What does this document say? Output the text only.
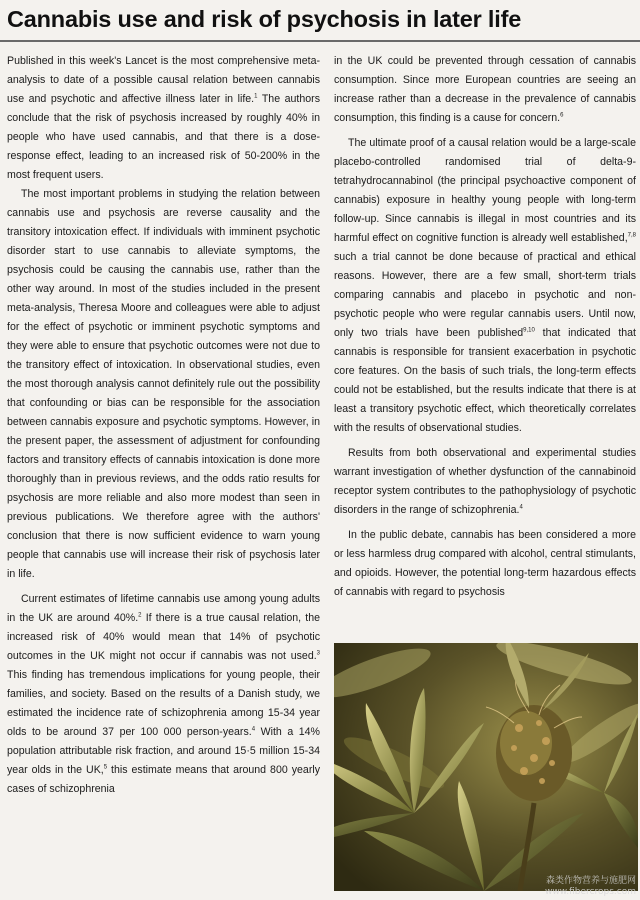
Cannabis use and risk of psychosis in later life

Published in this week's Lancet is the most comprehensive meta-analysis to date of a possible causal relation between cannabis use and psychotic and affective illness later in life.$^1$ The authors conclude that the risk of psychosis increased by roughly 40% in people who have used cannabis, and that there is a dose-response effect, leading to an increased risk of 50-200% in the most frequent users.

The most important problems in studying the relation between cannabis use and psychosis are reverse causality and the transitory intoxication effect. If individuals with imminent psychotic disorder start to use cannabis to alleviate symptoms, the psychosis could be causing the cannabis use, rather than the other way around. In most of the studies included in the present meta-analysis, Theresa Moore and colleagues were able to adjust for the effect of psychotic or imminent psychotic symptoms and they were able to ensure that psychotic outcomes were not due to the transitory effect of intoxication. In observational studies, even the most thorough analysis cannot definitely rule out the possibility that confounding or bias can be responsible for the association between cannabis exposure and psychotic symptoms. However, in the present paper, the assessment of adjustment for confounding factors and transitory effects of cannabis intoxication is done more thoroughly than in previous reviews, and the odds ratio results for psychosis are more reliable and also more modest than seen in previous publications. We therefore agree with the authors' conclusion that there is now sufficient evidence to warn young people that cannabis use will increase their risk of psychosis later in life.

Current estimates of lifetime cannabis use among young adults in the UK are around 40%.$^2$ If there is a true causal relation, the increased risk of 40% would mean that 14% of psychotic outcomes in the UK might not occur if cannabis was not used.$^3$ This finding has tremendous implications for young people, their families, and society. Based on the results of a Danish study, we estimated the incidence rate of schizophrenia among 15-34 year olds to be around 37 per 100 000 person-years.$^4$ With a 14% population attributable risk fraction, and around 15·5 million 15-34 year olds in the UK,$^5$ this estimate means that around 800 yearly cases of schizophrenia

in the UK could be prevented through cessation of cannabis consumption. Since more European countries are seeing an increase rather than a decrease in the prevalence of cannabis consumption, this finding is a cause for concern.$^6$

The ultimate proof of a causal relation would be a large-scale placebo-controlled randomised trial of delta-9-tetrahydrocannabinol (the principal psychoactive component of cannabis) exposure in healthy young people with long-term follow-up. Since cannabis is illegal in most countries and its harmful effect on cognitive function is already well established,$^{7,8}$ such a trial cannot be done because of practical and ethical reasons. However, there are a few small, short-term trials comparing cannabis and placebo in psychotic and non-psychotic people who were regular cannabis users. Until now, only two trials have been published$^{9,10}$ that indicated that cannabis is responsible for transient exacerbation in psychotic core features. On the basis of such trials, the long-term effects could not be established, but the results indicate that there is at least a transitory psychotic effect, which theoretically correlates with the results of observational studies.

Results from both observational and experimental studies warrant investigation of whether dysfunction of the cannabinoid receptor system contributes to the pathophysiology of psychotic disorders in the range of schizophrenia.$^4$

In the public debate, cannabis has been considered a more or less harmless drug compared with alcohol, central stimulants, and opioids. However, the potential long-term hazardous effects of cannabis with regard to psychosis

森类作物营养与施肥网
www.fibercrops.com
